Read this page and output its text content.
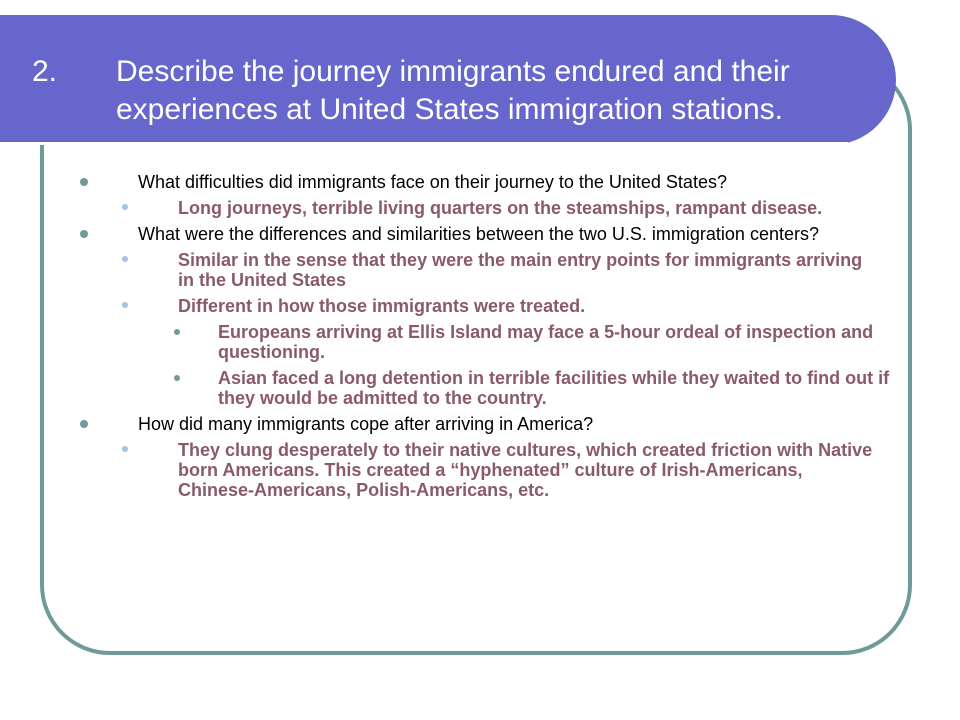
2.	Describe the journey immigrants endured and their experiences at United States immigration stations.
What difficulties did immigrants face on their journey to the United States?
Long journeys, terrible living quarters on the steamships, rampant disease.
What were the differences and similarities between the two U.S. immigration centers?
Similar in the sense that they were the main entry points for immigrants arriving in the United States
Different in how those immigrants were treated.
Europeans arriving at Ellis Island may face a 5-hour ordeal of inspection and questioning.
Asian faced a long detention in terrible facilities while they waited to find out if they would be admitted to the country.
How did many immigrants cope after arriving in America?
They clung desperately to their native cultures, which created friction with Native born Americans. This created a “hyphenated” culture of Irish-Americans, Chinese-Americans, Polish-Americans, etc.
